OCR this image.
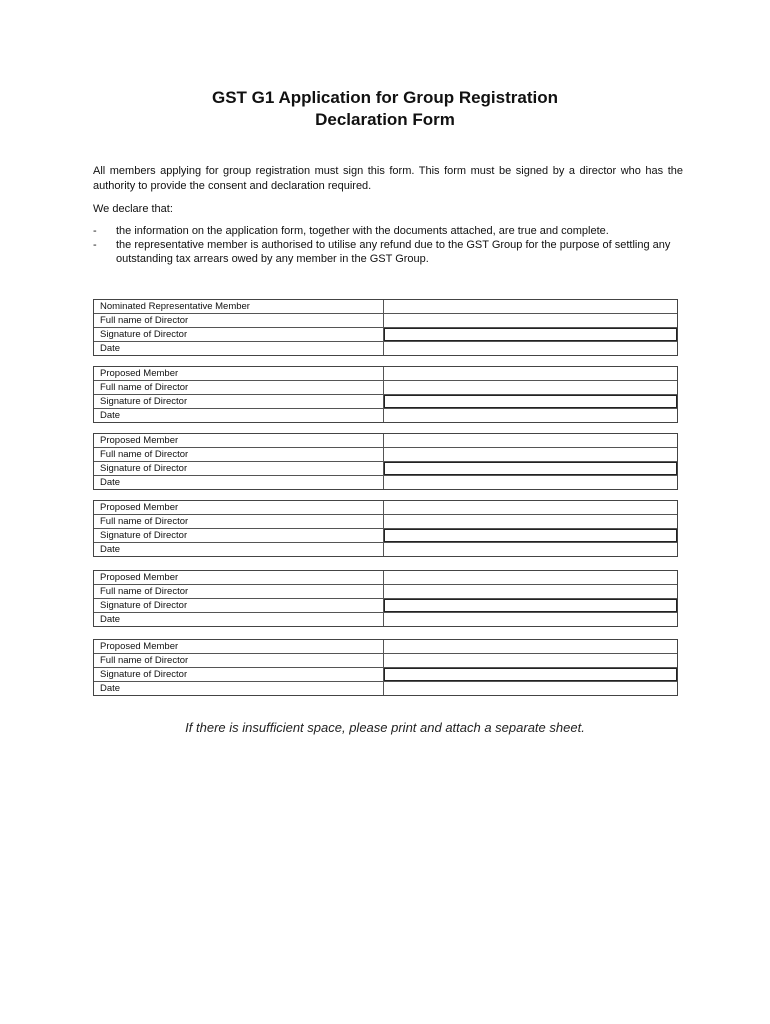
GST G1 Application for Group Registration
Declaration Form
All members applying for group registration must sign this form. This form must be signed by a director who has the authority to provide the consent and declaration required.
We declare that:
- the information on the application form, together with the documents attached, are true and complete.
- the representative member is authorised to utilise any refund due to the GST Group for the purpose of settling any outstanding tax arrears owed by any member in the GST Group.
Nominated Representative Member
Full name of Director
Signature of Director
Date
Proposed Member
Full name of Director
Signature of Director
Date
Proposed Member
Full name of Director
Signature of Director
Date
Proposed Member
Full name of Director
Signature of Director
Date
Proposed Member
Full name of Director
Signature of Director
Date
Proposed Member
Full name of Director
Signature of Director
Date
If there is insufficient space, please print and attach a separate sheet.
